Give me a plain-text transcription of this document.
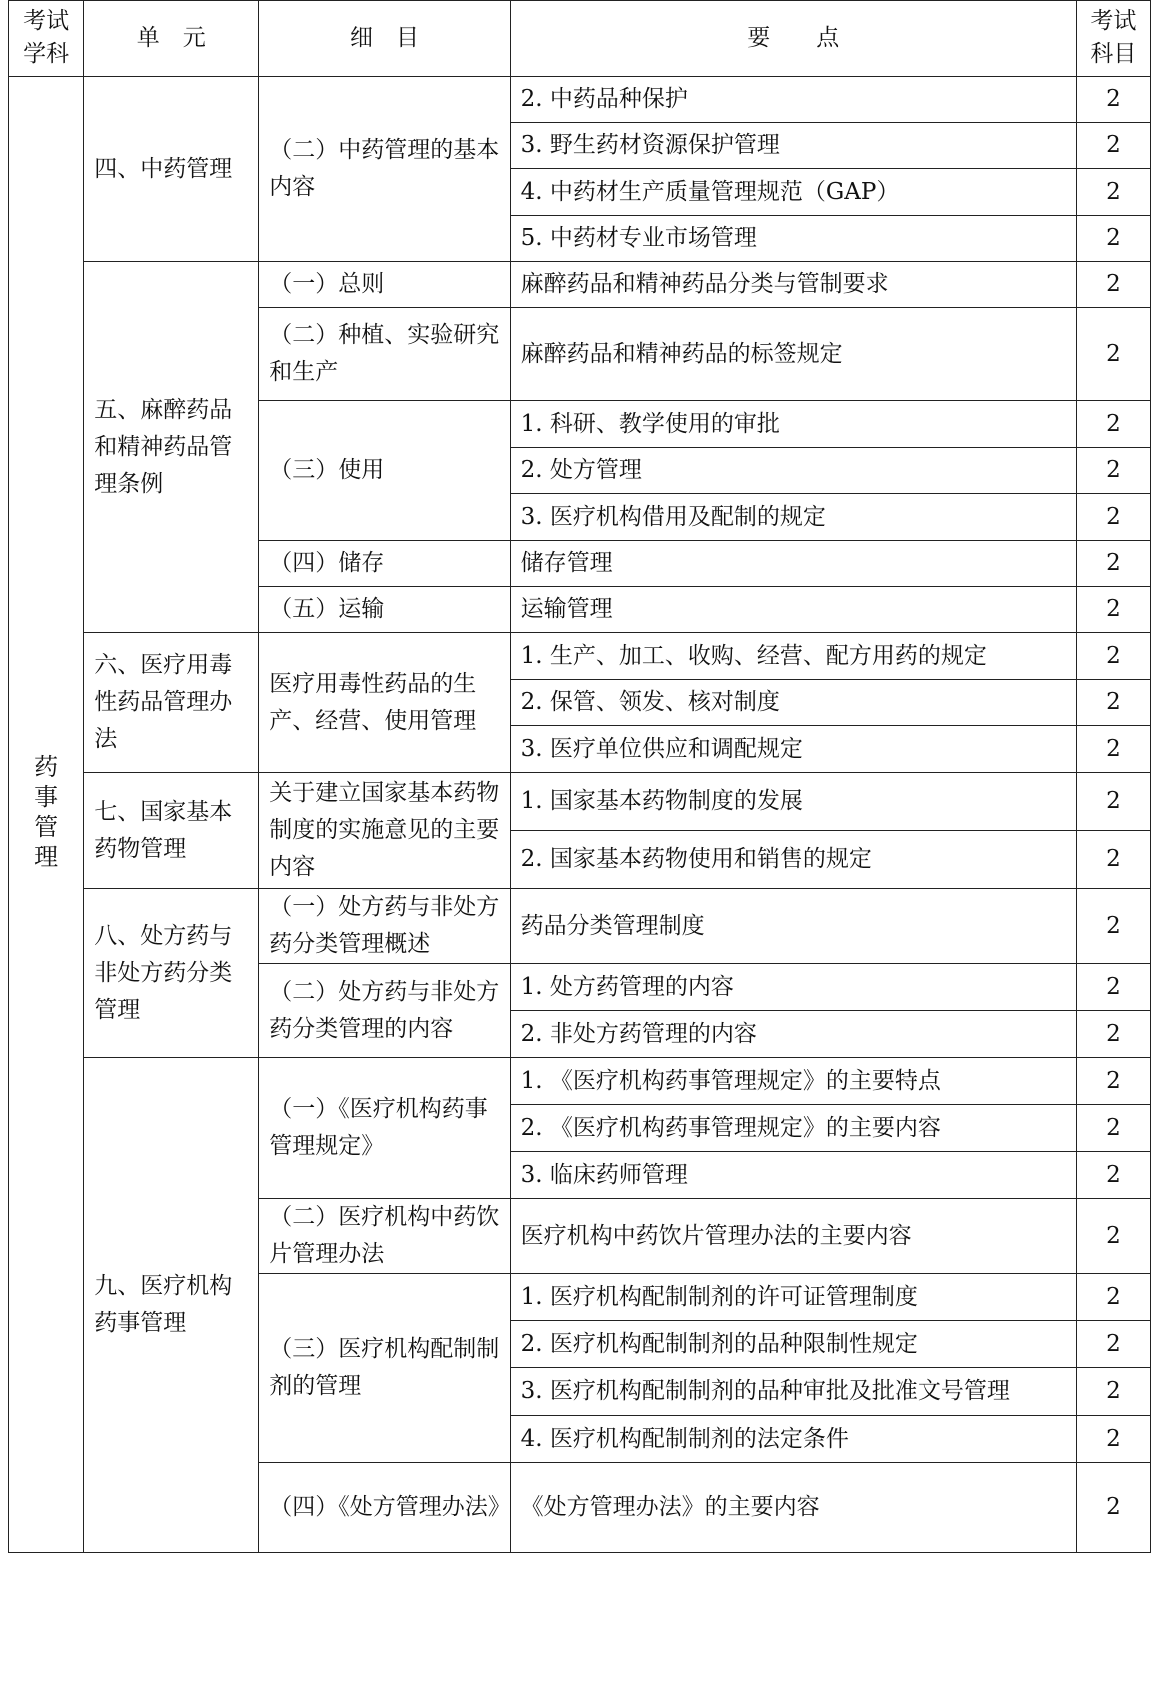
考试学科	单　元	细　目	要　　点	考试科目
药事管理	四、中药管理	（二）中药管理的基本内容	2. 中药品种保护	2
			3. 野生药材资源保护管理	2
			4. 中药材生产质量管理规范（GAP）	2
			5. 中药材专业市场管理	2
	五、麻醉药品和精神药品管理条例	（一）总则	麻醉药品和精神药品分类与管制要求	2
		（二）种植、实验研究和生产	麻醉药品和精神药品的标签规定	2
		（三）使用	1. 科研、教学使用的审批	2
			2. 处方管理	2
			3. 医疗机构借用及配制的规定	2
		（四）储存	储存管理	2
		（五）运输	运输管理	2
	六、医疗用毒性药品管理办法	医疗用毒性药品的生产、经营、使用管理	1. 生产、加工、收购、经营、配方用药的规定	2
			2. 保管、领发、核对制度	2
			3. 医疗单位供应和调配规定	2
	七、国家基本药物管理	关于建立国家基本药物制度的实施意见的主要内容	1. 国家基本药物制度的发展	2
			2. 国家基本药物使用和销售的规定	2
	八、处方药与非处方药分类管理	（一）处方药与非处方药分类管理概述	药品分类管理制度	2
		（二）处方药与非处方药分类管理的内容	1. 处方药管理的内容	2
			2. 非处方药管理的内容	2
	九、医疗机构药事管理	（一）《医疗机构药事管理规定》	1. 《医疗机构药事管理规定》的主要特点	2
			2. 《医疗机构药事管理规定》的主要内容	2
			3. 临床药师管理	2
		（二）医疗机构中药饮片管理办法	医疗机构中药饮片管理办法的主要内容	2
		（三）医疗机构配制制剂的管理	1. 医疗机构配制制剂的许可证管理制度	2
			2. 医疗机构配制制剂的品种限制性规定	2
			3. 医疗机构配制制剂的品种审批及批准文号管理	2
			4. 医疗机构配制制剂的法定条件	2
		（四）《处方管理办法》	《处方管理办法》的主要内容	2
